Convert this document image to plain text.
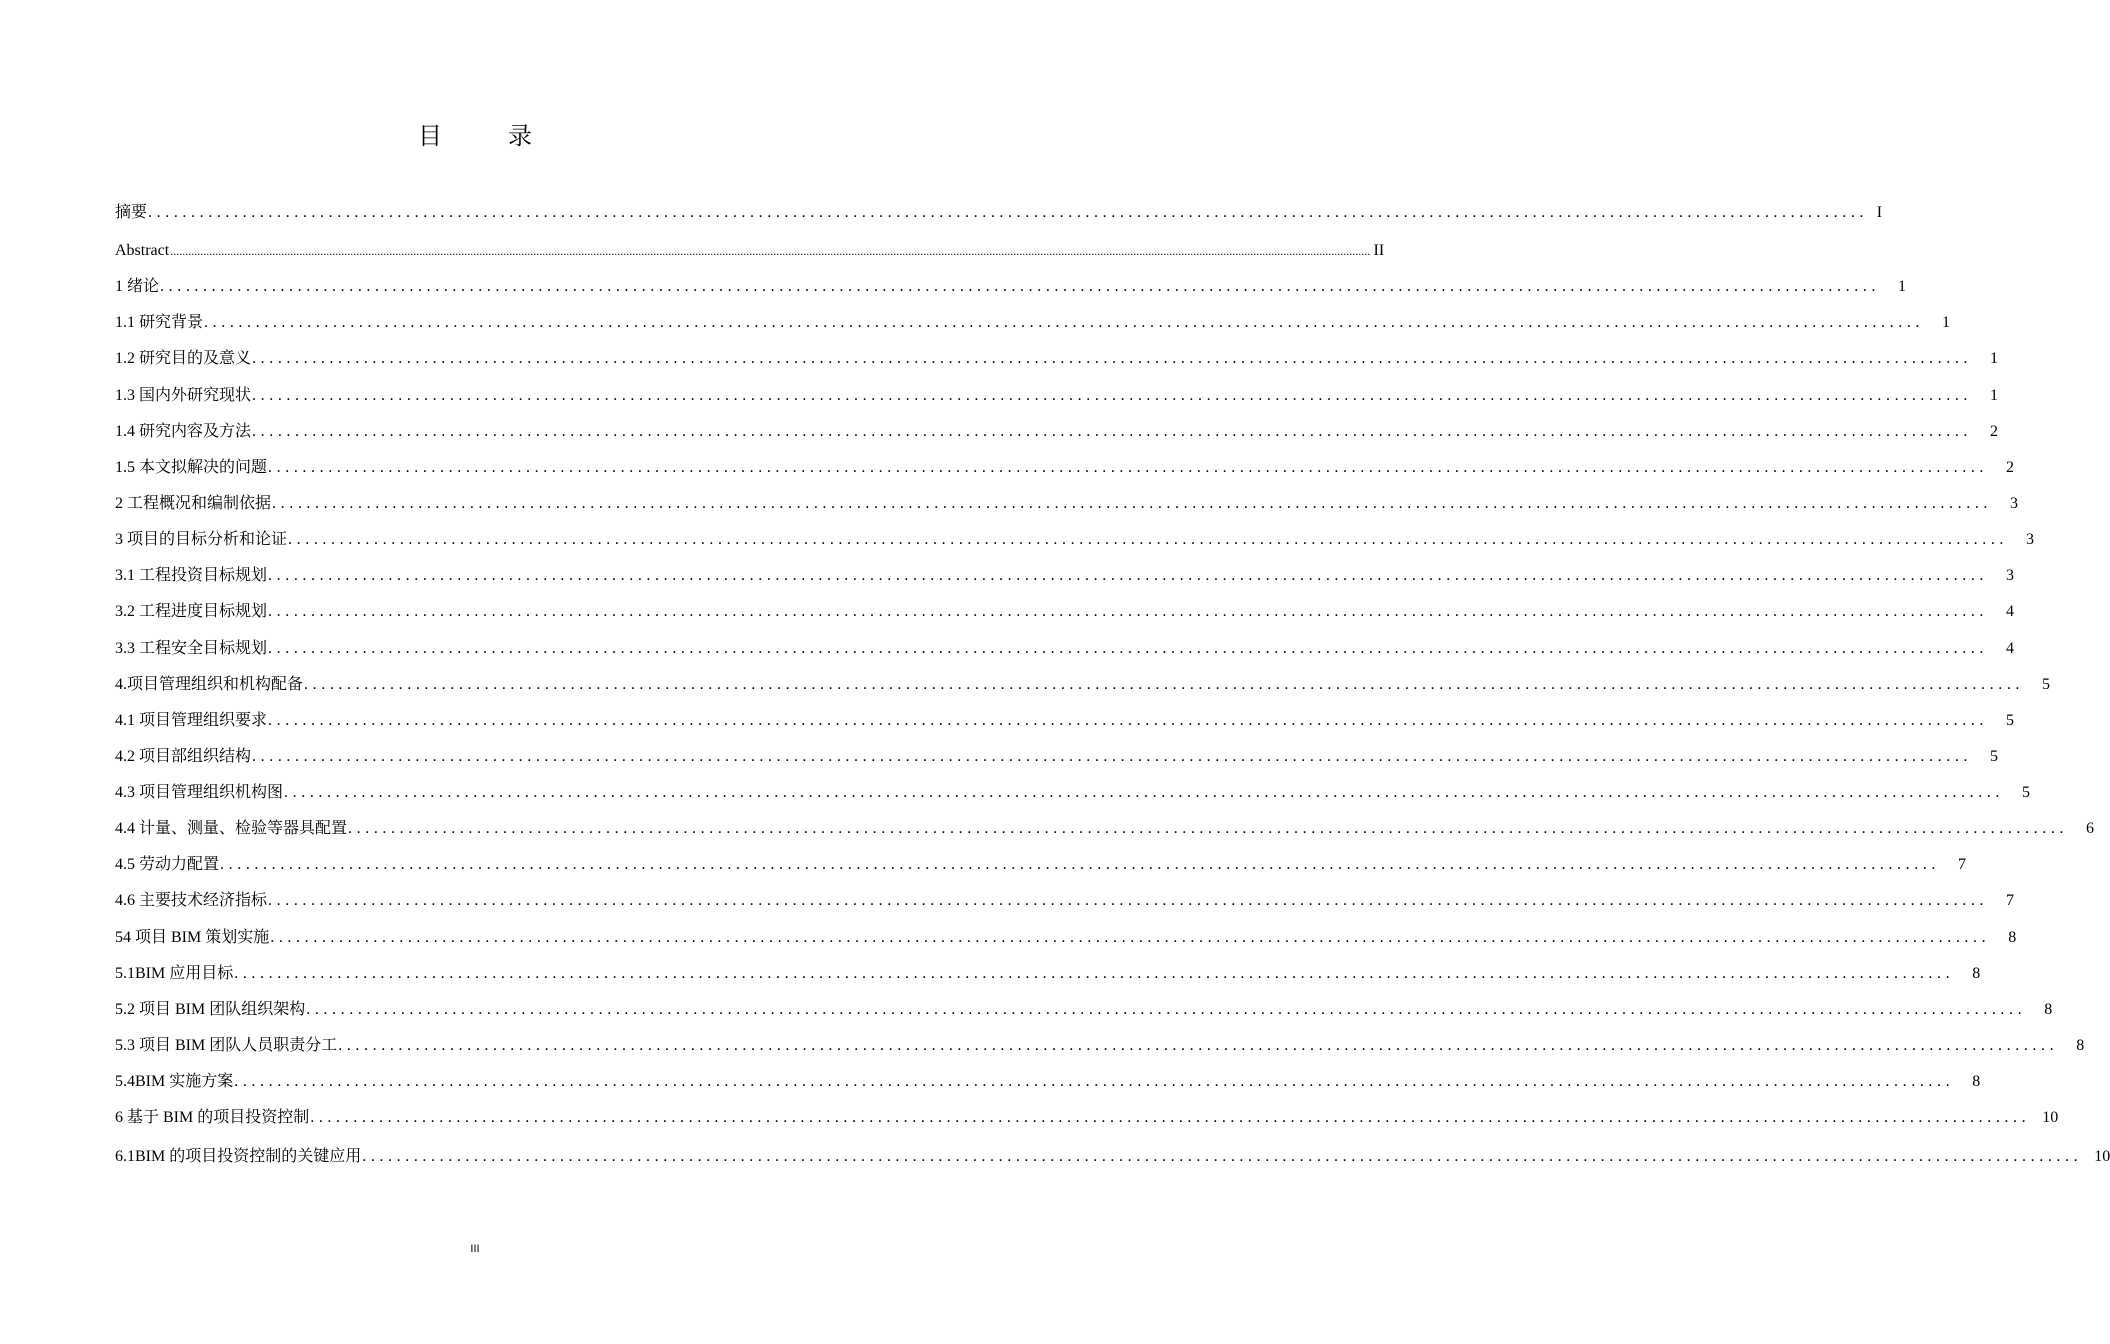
目 录
摘要 ........................................................................................................................................................................................................ I
Abstract ................................................................................................................................................................................................................................................................................................................................................................................................................ II
1 绪论 ........................................................................................................................................................................................................	1
1.1 研究背景 ........................................................................................................................................................................................................	1
1.2 研究目的及意义 ........................................................................................................................................................................................................	1
1.3 国内外研究现状 ........................................................................................................................................................................................................	1
1.4 研究内容及方法 ........................................................................................................................................................................................................	2
1.5 本文拟解决的问题 ........................................................................................................................................................................................................	2
2 工程概况和编制依据 ........................................................................................................................................................................................................	3
3 项目的目标分析和论证 ........................................................................................................................................................................................................	3
3.1 工程投资目标规划 ........................................................................................................................................................................................................	3
3.2 工程进度目标规划 ........................................................................................................................................................................................................	4
3.3 工程安全目标规划 ........................................................................................................................................................................................................	4
4.项目管理组织和机构配备 ........................................................................................................................................................................................................	5
4.1 项目管理组织要求 ........................................................................................................................................................................................................	5
4.2 项目部组织结构 ........................................................................................................................................................................................................	5
4.3 项目管理组织机构图 ........................................................................................................................................................................................................	5
4.4 计量、测量、检验等器具配置 ........................................................................................................................................................................................................	6
4.5 劳动力配置 ........................................................................................................................................................................................................	7
4.6 主要技术经济指标 ........................................................................................................................................................................................................	7
54 项目 BIM 策划实施 ........................................................................................................................................................................................................	8
5.1BIM 应用目标 ........................................................................................................................................................................................................	8
5.2 项目 BIM 团队组织架构 ........................................................................................................................................................................................................	8
5.3 项目 BIM 团队人员职责分工 ........................................................................................................................................................................................................	8
5.4BIM 实施方案 ........................................................................................................................................................................................................	8
6 基于 BIM 的项目投资控制 ........................................................................................................................................................................................................ 10
6.1BIM 的项目投资控制的关键应用 ........................................................................................................................................................................................................ 10
III
